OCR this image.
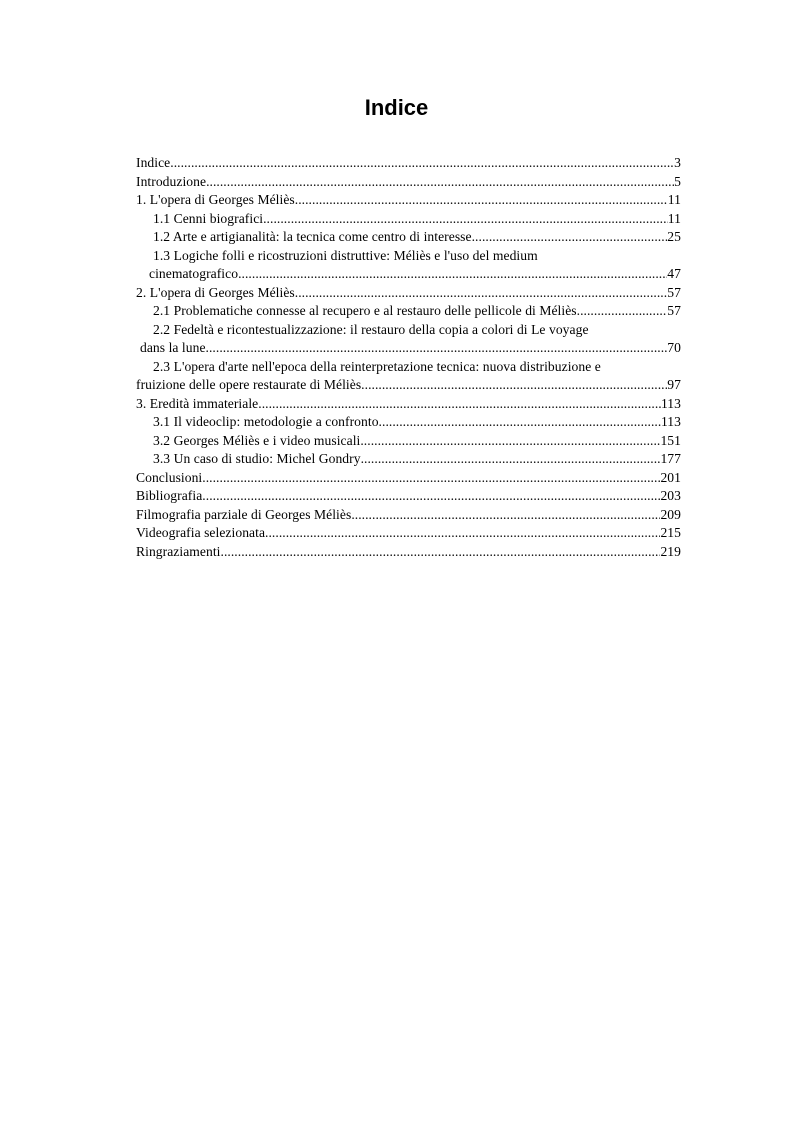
Indice
Indice .....	3
Introduzione .....	5
1. L'opera di Georges Méliès .....	11
1.1 Cenni biografici .....	11
1.2 Arte e artigianalità: la tecnica come centro di interesse .....	25
1.3 Logiche folli e ricostruzioni distruttive: Méliès e l'uso del medium
cinematografico .....	47
2. L'opera di Georges Méliès .....	57
2.1 Problematiche connesse al recupero e al restauro delle pellicole di Méliès .....	57
2.2 Fedeltà e ricontestualizzazione: il restauro della copia a colori di Le voyage
dans la lune .....	70
2.3 L'opera d'arte nell'epoca della reinterpretazione tecnica: nuova distribuzione e
fruizione delle opere restaurate di Méliès .....	97
3. Eredità immateriale .....	113
3.1 Il videoclip: metodologie a confronto .....	113
3.2 Georges Méliès e i video musicali .....	151
3.3 Un caso di studio: Michel Gondry .....	177
Conclusioni .....	201
Bibliografia .....	203
Filmografia parziale di Georges Méliès .....	209
Videografia selezionata .....	215
Ringraziamenti .....	219
